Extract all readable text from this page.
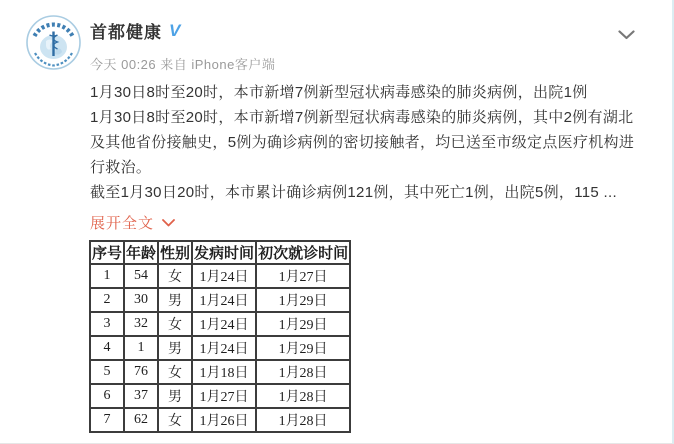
首都健康 V
今天 00:26 来自 iPhone客户端
1月30日8时至20时，本市新增7例新型冠状病毒感染的肺炎病例，出院1例
1月30日8时至20时，本市新增7例新型冠状病毒感染的肺炎病例，其中2例有湖北
及其他省份接触史，5例为确诊病例的密切接触者，均已送至市级定点医疗机构进
行救治。
截至1月30日20时，本市累计确诊病例121例，其中死亡1例，出院5例，115 ...
展开全文
序号	年龄	性别	发病时间	初次就诊时间
1	54	女	1月24日	1月27日
2	30	男	1月24日	1月29日
3	32	女	1月24日	1月29日
4	1	男	1月24日	1月29日
5	76	女	1月18日	1月28日
6	37	男	1月27日	1月28日
7	62	女	1月26日	1月28日
